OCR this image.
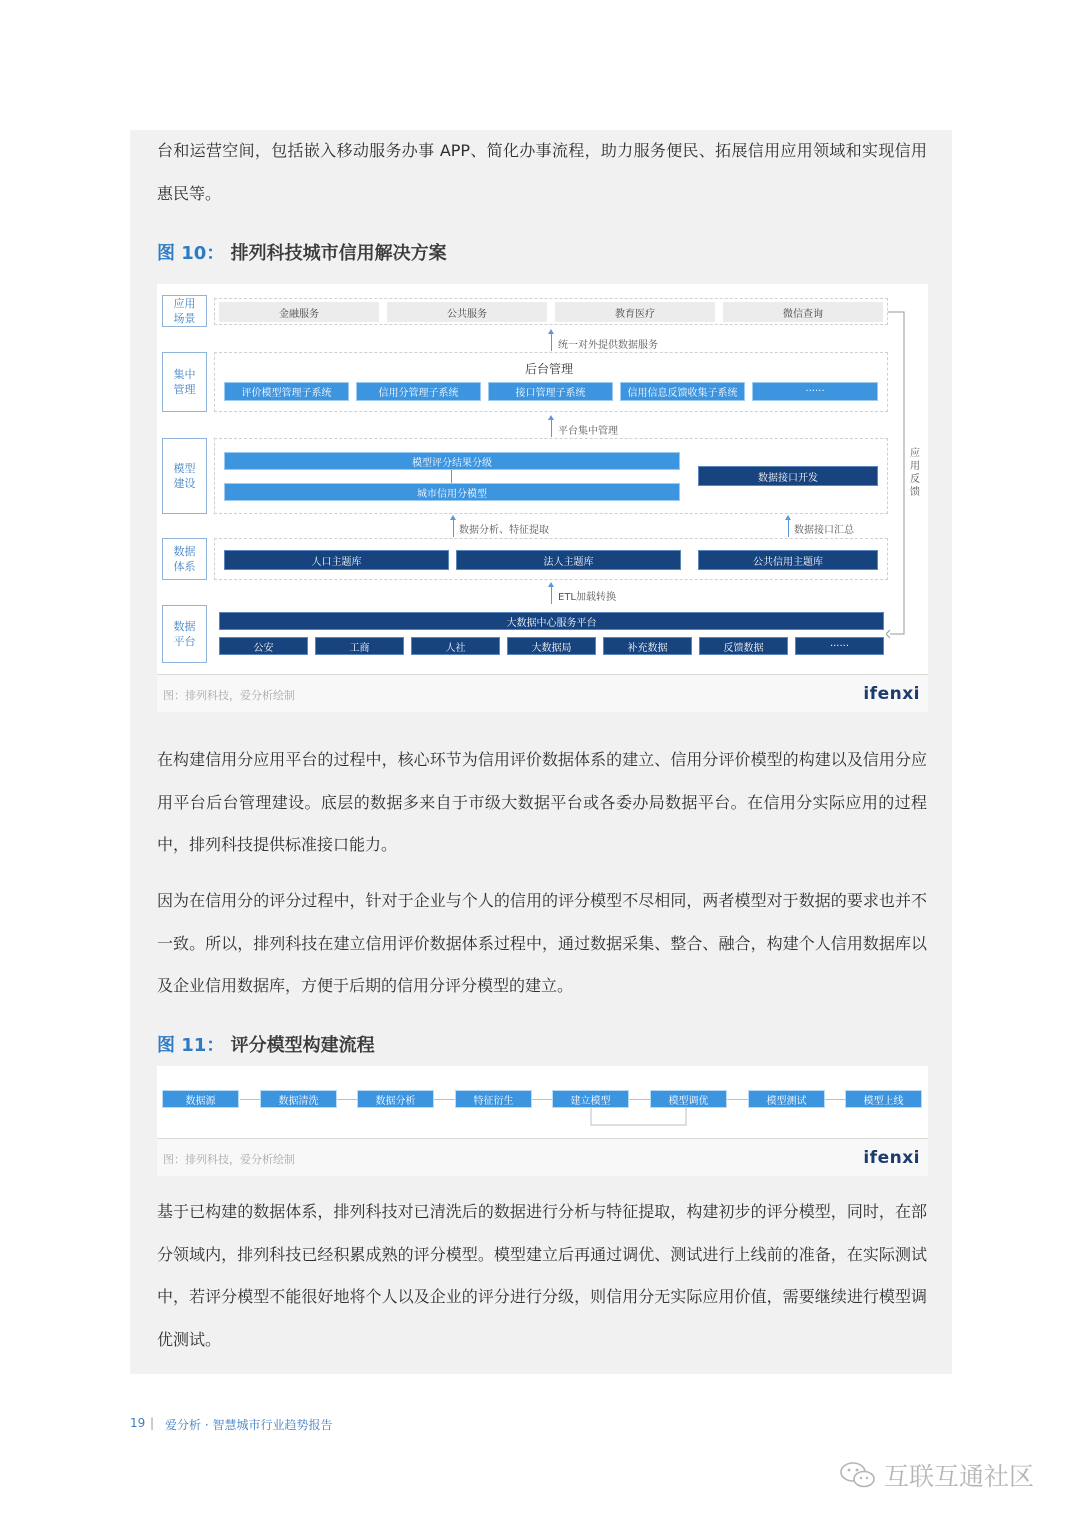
台和运营空间，包括嵌入移动服务办事 APP、简化办事流程，助力服务便民、拓展信用应用领域和实现信用惠民等。

图 10： 排列科技城市信用解决方案
应用场景
集中管理
模型建设
数据体系
数据平台
金融服务	公共服务	教育医疗	微信查询
统一对外提供数据服务
后台管理
评价模型管理子系统	信用分管理子系统	接口管理子系统	信用信息反馈收集子系统	······
平台集中管理
模型评分结果分级
城市信用分模型
数据接口开发
数据分析、特征提取	数据接口汇总
人口主题库	法人主题库	公共信用主题库
ETL加载转换
大数据中心服务平台
公安	工商	人社	大数据局	补充数据	反馈数据	······
应用反馈
图：排列科技，爱分析绘制	ifenxi

在构建信用分应用平台的过程中，核心环节为信用评价数据体系的建立、信用分评价模型的构建以及信用分应用平台后台管理建设。底层的数据多来自于市级大数据平台或各委办局数据平台。在信用分实际应用的过程中，排列科技提供标准接口能力。

因为在信用分的评分过程中，针对于企业与个人的信用的评分模型不尽相同，两者模型对于数据的要求也并不一致。所以，排列科技在建立信用评价数据体系过程中，通过数据采集、整合、融合，构建个人信用数据库以及企业信用数据库，方便于后期的信用分评分模型的建立。

图 11： 评分模型构建流程
数据源	数据清洗	数据分析	特征衍生	建立模型	模型调优	模型测试	模型上线
图：排列科技，爱分析绘制	ifenxi

基于已构建的数据体系，排列科技对已清洗后的数据进行分析与特征提取，构建初步的评分模型，同时，在部分领域内，排列科技已经积累成熟的评分模型。模型建立后再通过调优、测试进行上线前的准备，在实际测试中，若评分模型不能很好地将个人以及企业的评分进行分级，则信用分无实际应用价值，需要继续进行模型调优测试。

19 | 爱分析 · 智慧城市行业趋势报告
互联互通社区
